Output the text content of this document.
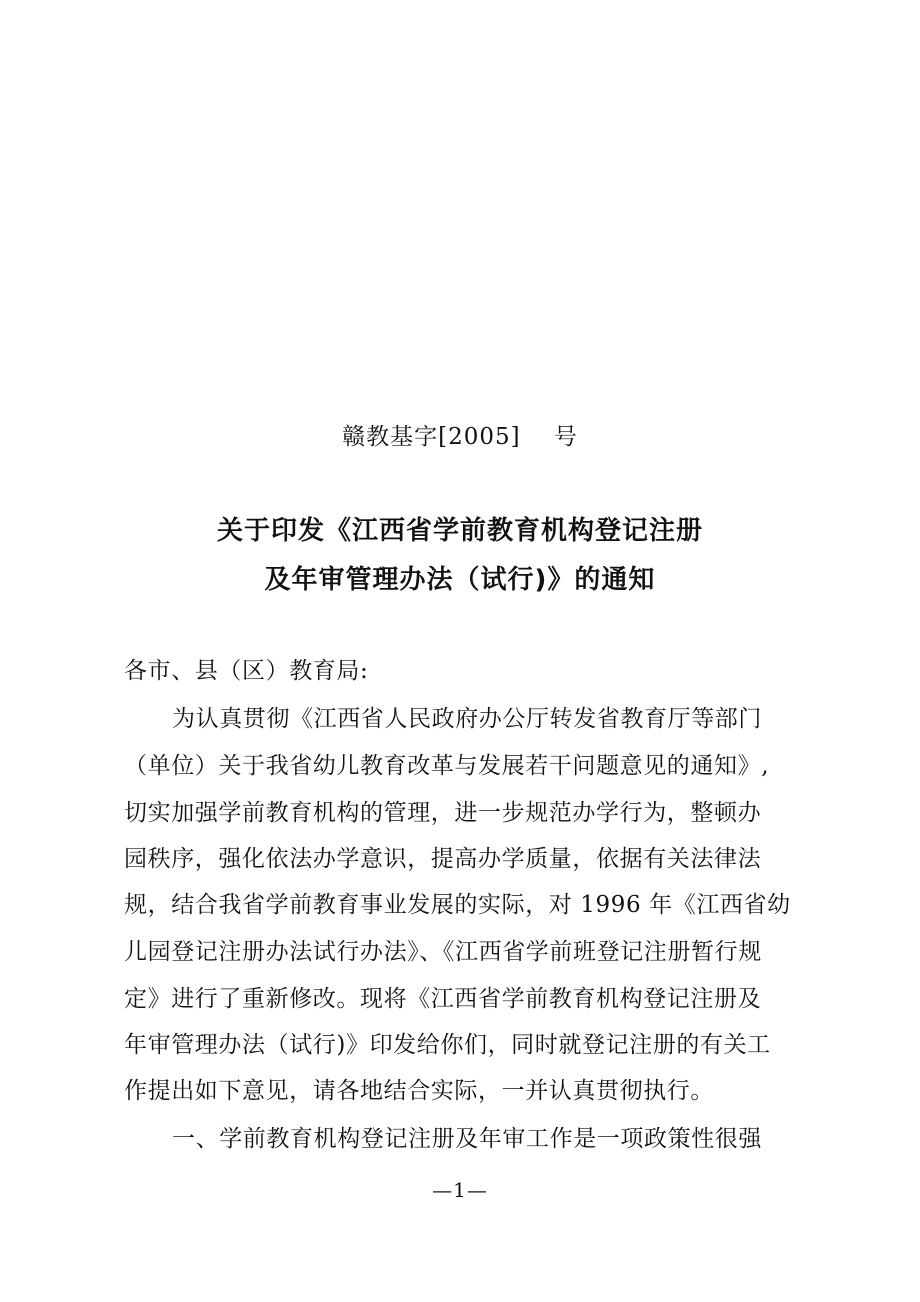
赣教基字[2005]    号
关于印发《江西省学前教育机构登记注册
及年审管理办法（试行)》的通知
各市、县（区）教育局:
为认真贯彻《江西省人民政府办公厅转发省教育厅等部门
（单位）关于我省幼儿教育改革与发展若干问题意见的通知》,
切实加强学前教育机构的管理，进一步规范办学行为，整顿办
园秩序，强化依法办学意识，提高办学质量，依据有关法律法
规，结合我省学前教育事业发展的实际，对 1996 年《江西省幼
儿园登记注册办法试行办法》、《江西省学前班登记注册暂行规
定》进行了重新修改。现将《江西省学前教育机构登记注册及
年审管理办法（试行)》印发给你们，同时就登记注册的有关工
作提出如下意见，请各地结合实际，一并认真贯彻执行。
一、学前教育机构登记注册及年审工作是一项政策性很强
—1—
